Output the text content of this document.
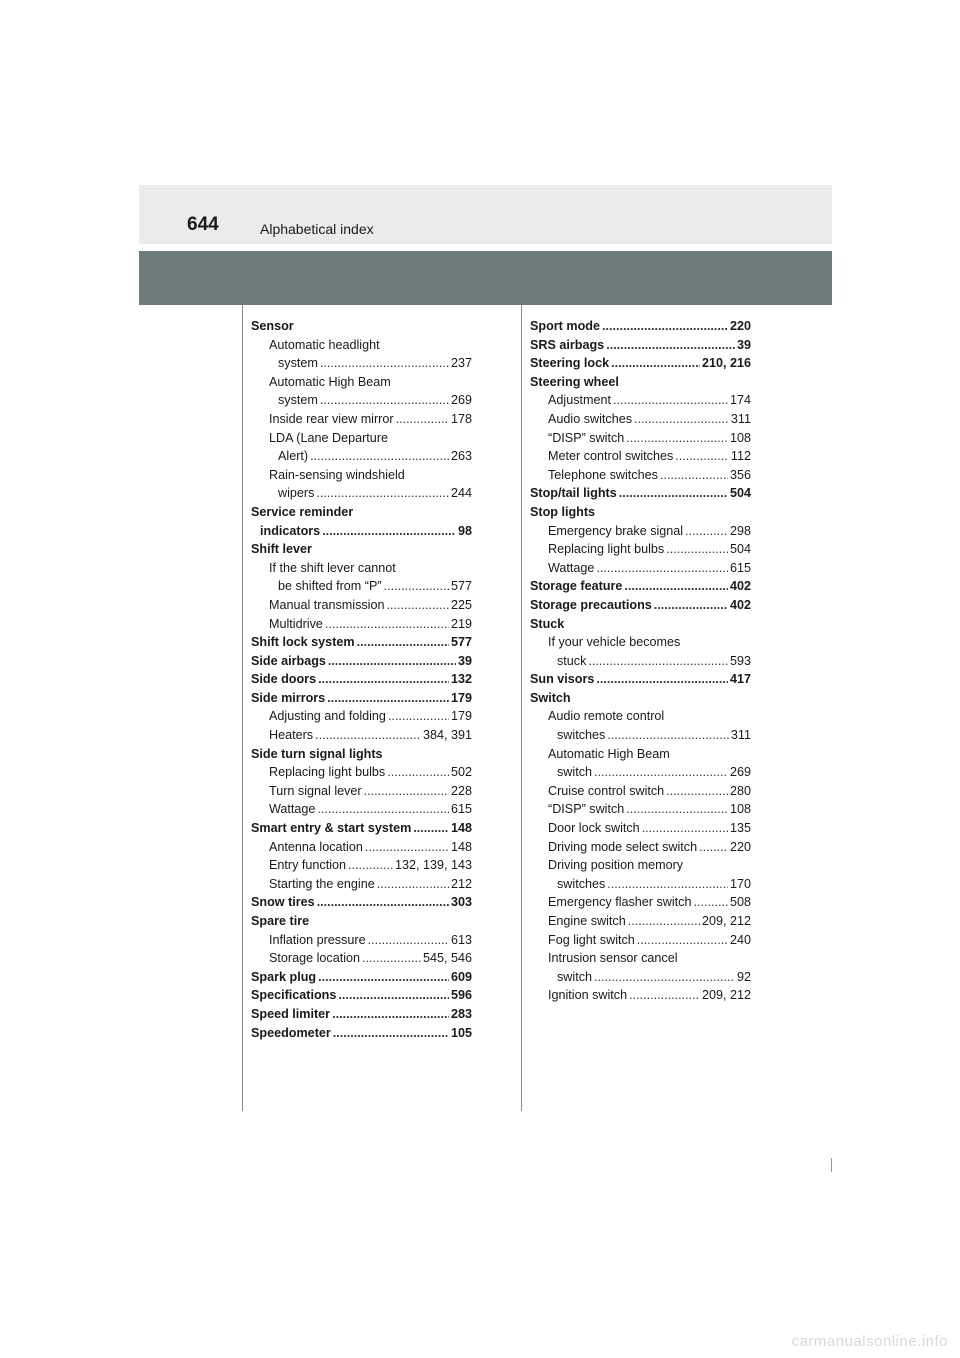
644	Alphabetical index
Sensor
Automatic headlight
system .....	237
Automatic High Beam
system .....	269
Inside rear view mirror .....	178
LDA (Lane Departure
Alert) .....	263
Rain-sensing windshield
wipers .....	244
Service reminder
indicators .....	98
Shift lever
If the shift lever cannot
be shifted from “P” .....	577
Manual transmission .....	225
Multidrive .....	219
Shift lock system .....	577
Side airbags .....	39
Side doors .....	132
Side mirrors .....	179
Adjusting and folding .....	179
Heaters .....	384, 391
Side turn signal lights
Replacing light bulbs .....	502
Turn signal lever .....	228
Wattage .....	615
Smart entry & start system .....	148
Antenna location .....	148
Entry function .....	132, 139, 143
Starting the engine .....	212
Snow tires .....	303
Spare tire
Inflation pressure .....	613
Storage location .....	545, 546
Spark plug .....	609
Specifications .....	596
Speed limiter .....	283
Speedometer .....	105
Sport mode .....	220
SRS airbags .....	39
Steering lock .....	210, 216
Steering wheel
Adjustment .....	174
Audio switches .....	311
“DISP” switch .....	108
Meter control switches .....	112
Telephone switches .....	356
Stop/tail lights .....	504
Stop lights
Emergency brake signal .....	298
Replacing light bulbs .....	504
Wattage .....	615
Storage feature .....	402
Storage precautions .....	402
Stuck
If your vehicle becomes
stuck .....	593
Sun visors .....	417
Switch
Audio remote control
switches .....	311
Automatic High Beam
switch .....	269
Cruise control switch .....	280
“DISP” switch .....	108
Door lock switch .....	135
Driving mode select switch .....	220
Driving position memory
switches .....	170
Emergency flasher switch .....	508
Engine switch .....	209, 212
Fog light switch .....	240
Intrusion sensor cancel
switch .....	92
Ignition switch .....	209, 212
carmanualsonline.info
